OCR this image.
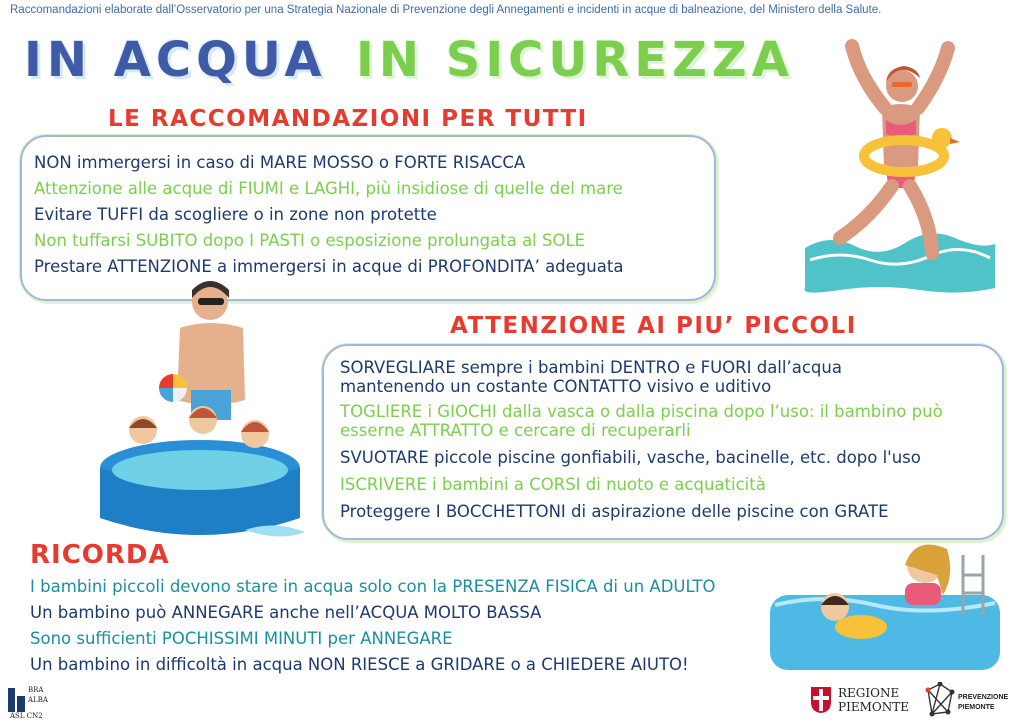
Raccomandazioni elaborate dall’Osservatorio per una Strategia Nazionale di Prevenzione degli Annegamenti e incidenti in acque di balneazione, del Ministero della Salute.
IN ACQUA IN SICUREZZA
LE RACCOMANDAZIONI PER TUTTI
NON immergersi in caso di MARE MOSSO o FORTE RISACCA
Attenzione alle acque di FIUMI e LAGHI, più insidiose di quelle del mare
Evitare TUFFI da scogliere o in zone non protette
Non tuffarsi SUBITO dopo I PASTI o esposizione prolungata al SOLE
Prestare ATTENZIONE a immergersi in acque di PROFONDITA’ adeguata
ATTENZIONE AI PIU’ PICCOLI
SORVEGLIARE sempre i bambini DENTRO e FUORI dall’acqua
mantenendo un costante CONTATTO visivo e uditivo
TOGLIERE i GIOCHI dalla vasca o dalla piscina dopo l’uso: il bambino può
esserne ATTRATTO e cercare di recuperarli
SVUOTARE piccole piscine gonfiabili, vasche, bacinelle, etc. dopo l'uso
ISCRIVERE i bambini a CORSI di nuoto e acquaticità
Proteggere I BOCCHETTONI di aspirazione delle piscine con GRATE
RICORDA
I bambini piccoli devono stare in acqua solo con la PRESENZA FISICA di un ADULTO
Un bambino può ANNEGARE anche nell’ACQUA MOLTO BASSA
Sono sufficienti POCHISSIMI MINUTI per ANNEGARE
Un bambino in difficoltà in acqua NON RIESCE a GRIDARE o a CHIEDERE AIUTO!
BRA
ALBA
ASL CN2
REGIONE
PIEMONTE
PREVENZIONE
PIEMONTE
